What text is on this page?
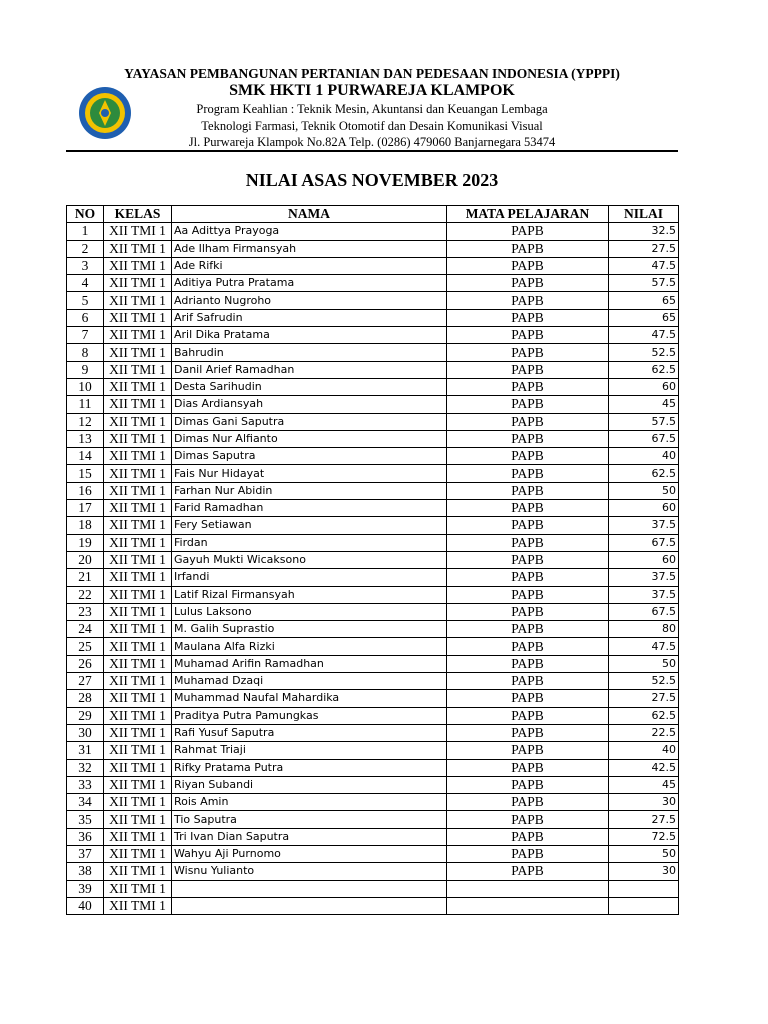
YAYASAN PEMBANGUNAN PERTANIAN DAN PEDESAAN INDONESIA (YPPPI)
SMK HKTI 1 PURWAREJA KLAMPOK
Program Keahlian : Teknik Mesin, Akuntansi dan Keuangan Lembaga
Teknologi Farmasi, Teknik Otomotif dan Desain Komunikasi Visual
Jl. Purwareja Klampok No.82A Telp. (0286) 479060 Banjarnegara 53474
NILAI ASAS NOVEMBER 2023
NO	KELAS	NAMA	MATA PELAJARAN	NILAI
1	XII TMI 1	Aa Adittya Prayoga	PAPB	32.5
2	XII TMI 1	Ade Ilham Firmansyah	PAPB	27.5
3	XII TMI 1	Ade Rifki	PAPB	47.5
4	XII TMI 1	Aditiya Putra Pratama	PAPB	57.5
5	XII TMI 1	Adrianto Nugroho	PAPB	65
6	XII TMI 1	Arif Safrudin	PAPB	65
7	XII TMI 1	Aril Dika Pratama	PAPB	47.5
8	XII TMI 1	Bahrudin	PAPB	52.5
9	XII TMI 1	Danil Arief Ramadhan	PAPB	62.5
10	XII TMI 1	Desta Sarihudin	PAPB	60
11	XII TMI 1	Dias Ardiansyah	PAPB	45
12	XII TMI 1	Dimas Gani Saputra	PAPB	57.5
13	XII TMI 1	Dimas Nur Alfianto	PAPB	67.5
14	XII TMI 1	Dimas Saputra	PAPB	40
15	XII TMI 1	Fais Nur Hidayat	PAPB	62.5
16	XII TMI 1	Farhan Nur Abidin	PAPB	50
17	XII TMI 1	Farid Ramadhan	PAPB	60
18	XII TMI 1	Fery Setiawan	PAPB	37.5
19	XII TMI 1	Firdan	PAPB	67.5
20	XII TMI 1	Gayuh Mukti Wicaksono	PAPB	60
21	XII TMI 1	Irfandi	PAPB	37.5
22	XII TMI 1	Latif Rizal Firmansyah	PAPB	37.5
23	XII TMI 1	Lulus Laksono	PAPB	67.5
24	XII TMI 1	M. Galih Suprastio	PAPB	80
25	XII TMI 1	Maulana Alfa Rizki	PAPB	47.5
26	XII TMI 1	Muhamad Arifin Ramadhan	PAPB	50
27	XII TMI 1	Muhamad Dzaqi	PAPB	52.5
28	XII TMI 1	Muhammad Naufal Mahardika	PAPB	27.5
29	XII TMI 1	Praditya Putra Pamungkas	PAPB	62.5
30	XII TMI 1	Rafi Yusuf Saputra	PAPB	22.5
31	XII TMI 1	Rahmat Triaji	PAPB	40
32	XII TMI 1	Rifky Pratama Putra	PAPB	42.5
33	XII TMI 1	Riyan Subandi	PAPB	45
34	XII TMI 1	Rois Amin	PAPB	30
35	XII TMI 1	Tio Saputra	PAPB	27.5
36	XII TMI 1	Tri Ivan Dian Saputra	PAPB	72.5
37	XII TMI 1	Wahyu Aji Purnomo	PAPB	50
38	XII TMI 1	Wisnu Yulianto	PAPB	30
39	XII TMI 1			
40	XII TMI 1			
